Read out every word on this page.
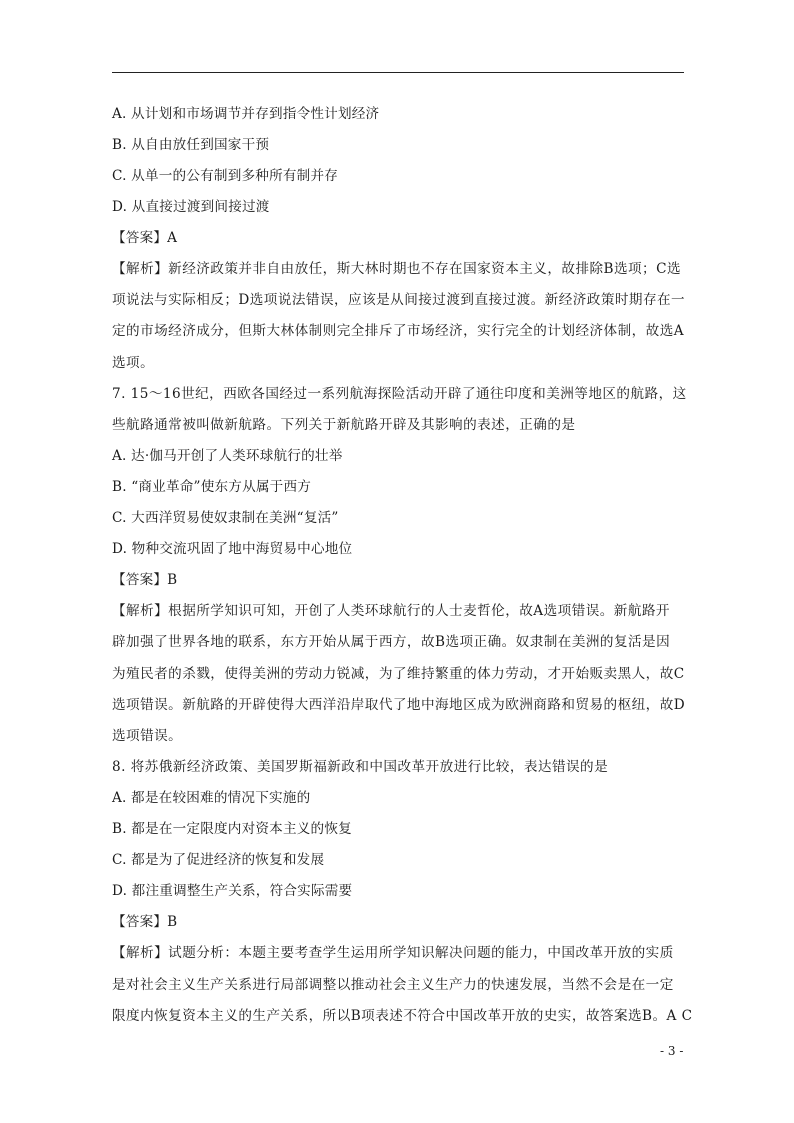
A. 从计划和市场调节并存到指令性计划经济
B. 从自由放任到国家干预
C. 从单一的公有制到多种所有制并存
D. 从直接过渡到间接过渡
【答案】A
【解析】新经济政策并非自由放任，斯大林时期也不存在国家资本主义，故排除B选项；C选
项说法与实际相反；D选项说法错误，应该是从间接过渡到直接过渡。新经济政策时期存在一
定的市场经济成分，但斯大林体制则完全排斥了市场经济，实行完全的计划经济体制，故选A
选项。
7. 15～16世纪，西欧各国经过一系列航海探险活动开辟了通往印度和美洲等地区的航路，这
些航路通常被叫做新航路。下列关于新航路开辟及其影响的表述，正确的是
A. 达·伽马开创了人类环球航行的壮举
B. “商业革命”使东方从属于西方
C. 大西洋贸易使奴隶制在美洲“复活”
D. 物种交流巩固了地中海贸易中心地位
【答案】B
【解析】根据所学知识可知，开创了人类环球航行的人士麦哲伦，故A选项错误。新航路开
辟加强了世界各地的联系，东方开始从属于西方，故B选项正确。奴隶制在美洲的复活是因
为殖民者的杀戮，使得美洲的劳动力锐减，为了维持繁重的体力劳动，才开始贩卖黑人，故C
选项错误。新航路的开辟使得大西洋沿岸取代了地中海地区成为欧洲商路和贸易的枢纽，故D
选项错误。
8. 将苏俄新经济政策、美国罗斯福新政和中国改革开放进行比较，表达错误的是
A. 都是在较困难的情况下实施的
B. 都是在一定限度内对资本主义的恢复
C. 都是为了促进经济的恢复和发展
D. 都注重调整生产关系，符合实际需要
【答案】B
【解析】试题分析：本题主要考查学生运用所学知识解决问题的能力，中国改革开放的实质
是对社会主义生产关系进行局部调整以推动社会主义生产力的快速发展，当然不会是在一定
限度内恢复资本主义的生产关系，所以B项表述不符合中国改革开放的史实，故答案选B。A C
- 3 -
